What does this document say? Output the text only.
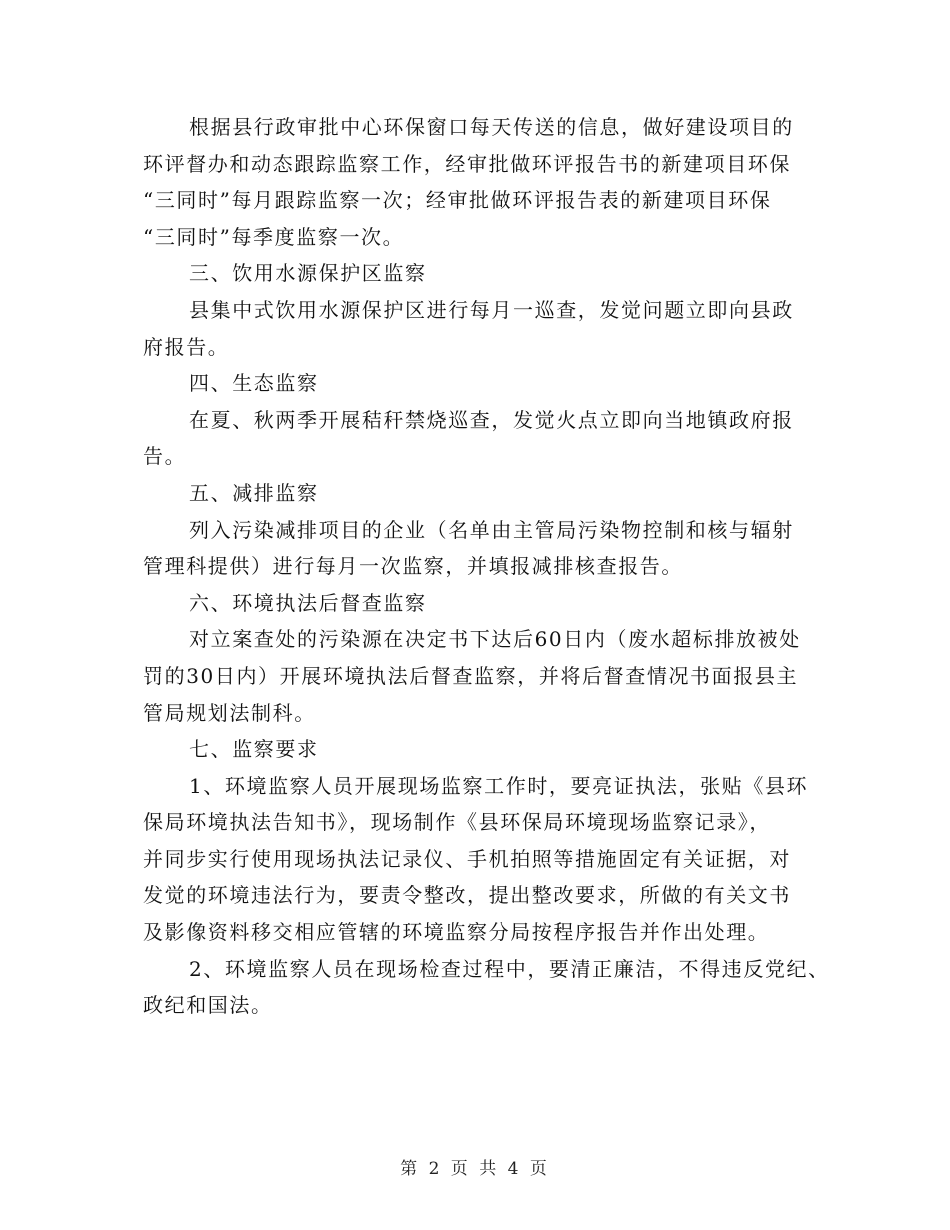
根据县行政审批中心环保窗口每天传送的信息，做好建设项目的
环评督办和动态跟踪监察工作，经审批做环评报告书的新建项目环保
“三同时”每月跟踪监察一次；经审批做环评报告表的新建项目环保
“三同时”每季度监察一次。
三、饮用水源保护区监察
县集中式饮用水源保护区进行每月一巡查，发觉问题立即向县政
府报告。
四、生态监察
在夏、秋两季开展秸秆禁烧巡查，发觉火点立即向当地镇政府报
告。
五、减排监察
列入污染减排项目的企业（名单由主管局污染物控制和核与辐射
管理科提供）进行每月一次监察，并填报减排核查报告。
六、环境执法后督查监察
对立案查处的污染源在决定书下达后60日内（废水超标排放被处
罚的30日内）开展环境执法后督查监察，并将后督查情况书面报县主
管局规划法制科。
七、监察要求
1、环境监察人员开展现场监察工作时，要亮证执法，张贴《县环
保局环境执法告知书》，现场制作《县环保局环境现场监察记录》，
并同步实行使用现场执法记录仪、手机拍照等措施固定有关证据，对
发觉的环境违法行为，要责令整改，提出整改要求，所做的有关文书
及影像资料移交相应管辖的环境监察分局按程序报告并作出处理。
2、环境监察人员在现场检查过程中，要清正廉洁，不得违反党纪、
政纪和国法。
第 2 页 共 4 页
